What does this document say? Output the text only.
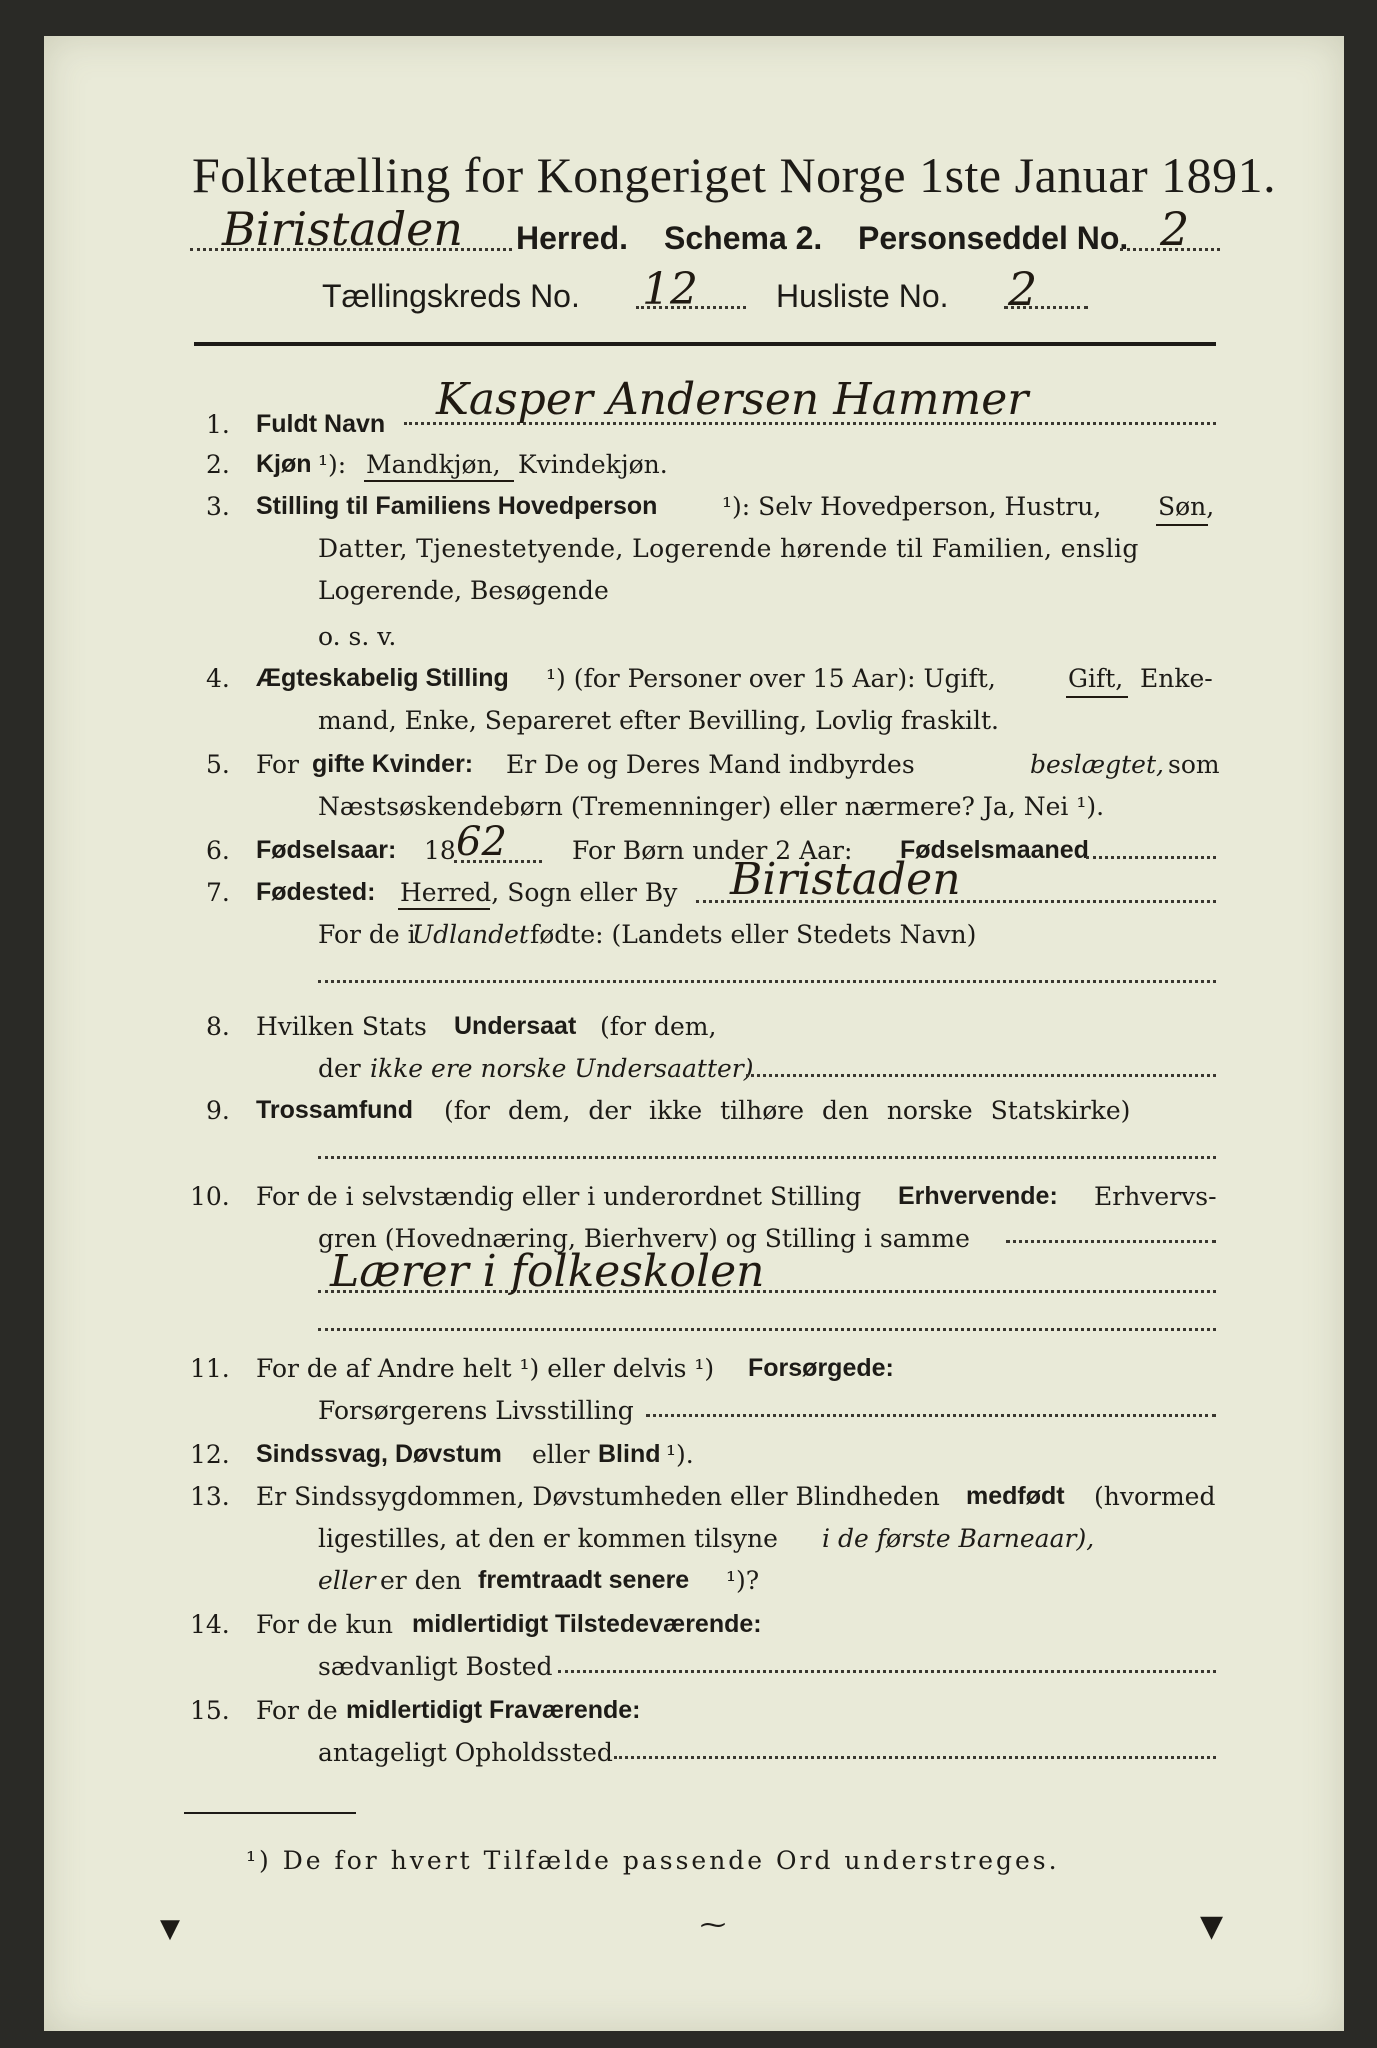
Folketælling for Kongeriget Norge 1ste Januar 1891.
Biristaden Herred. Schema 2. Personseddel No. 2
Tællingskreds No. 12 Husliste No. 2
1. Fuldt Navn Kasper Andersen Hammer
2. Kjøn ¹): Mandkjøn, Kvindekjøn.
3. Stilling til Familiens Hovedperson	¹): Selv Hovedperson, Hustru, Søn,
Datter, Tjenestetyende, Logerende hørende til Familien, enslig
Logerende, Besøgende
o. s. v.
4. Ægteskabelig Stilling ¹) (for Personer over 15 Aar): Ugift,	Gift, Enke-
mand, Enke, Separeret efter Bevilling, Lovlig fraskilt.
5. For gifte Kvinder: Er De og Deres Mand indbyrdes	beslægtet, som
Næstsøskendebørn (Tremenninger) eller nærmere? Ja, Nei ¹).
6. Fødselsaar: 18 62	For Børn under 2 Aar: Fødselsmaaned
7. Fødested: Herred, Sogn eller By Biristaden
For de i
Udlandet fødte: (Landets eller Stedets Navn)
8. Hvilken Stats Undersaat (for dem,
der ikke ere norske Undersaatter)
9. Trossamfund (for dem, der ikke tilhøre den norske Statskirke)
10. For de i selvstændig eller i underordnet Stilling Erhvervende: Erhvervs-
gren (Hovednæring, Bierhverv) og Stilling i samme
Lærer i folkeskolen
11. For de af Andre helt ¹) eller delvis ¹) Forsørgede:
Forsørgerens Livsstilling
12. Sindssvag, Døvstum eller Blind ¹).
13. Er Sindssygdommen, Døvstumheden eller Blindheden medfødt (hvormed
ligestilles, at den er kommen tilsyne i de første Barneaar),
eller er den fremtraadt senere ¹)?
14. For de kun midlertidigt Tilstedeværende:
sædvanligt Bosted
15. For de midlertidigt Fraværende:
antageligt Opholdssted
¹) De for hvert Tilfælde passende Ord understreges.
▼	⁓	▼
